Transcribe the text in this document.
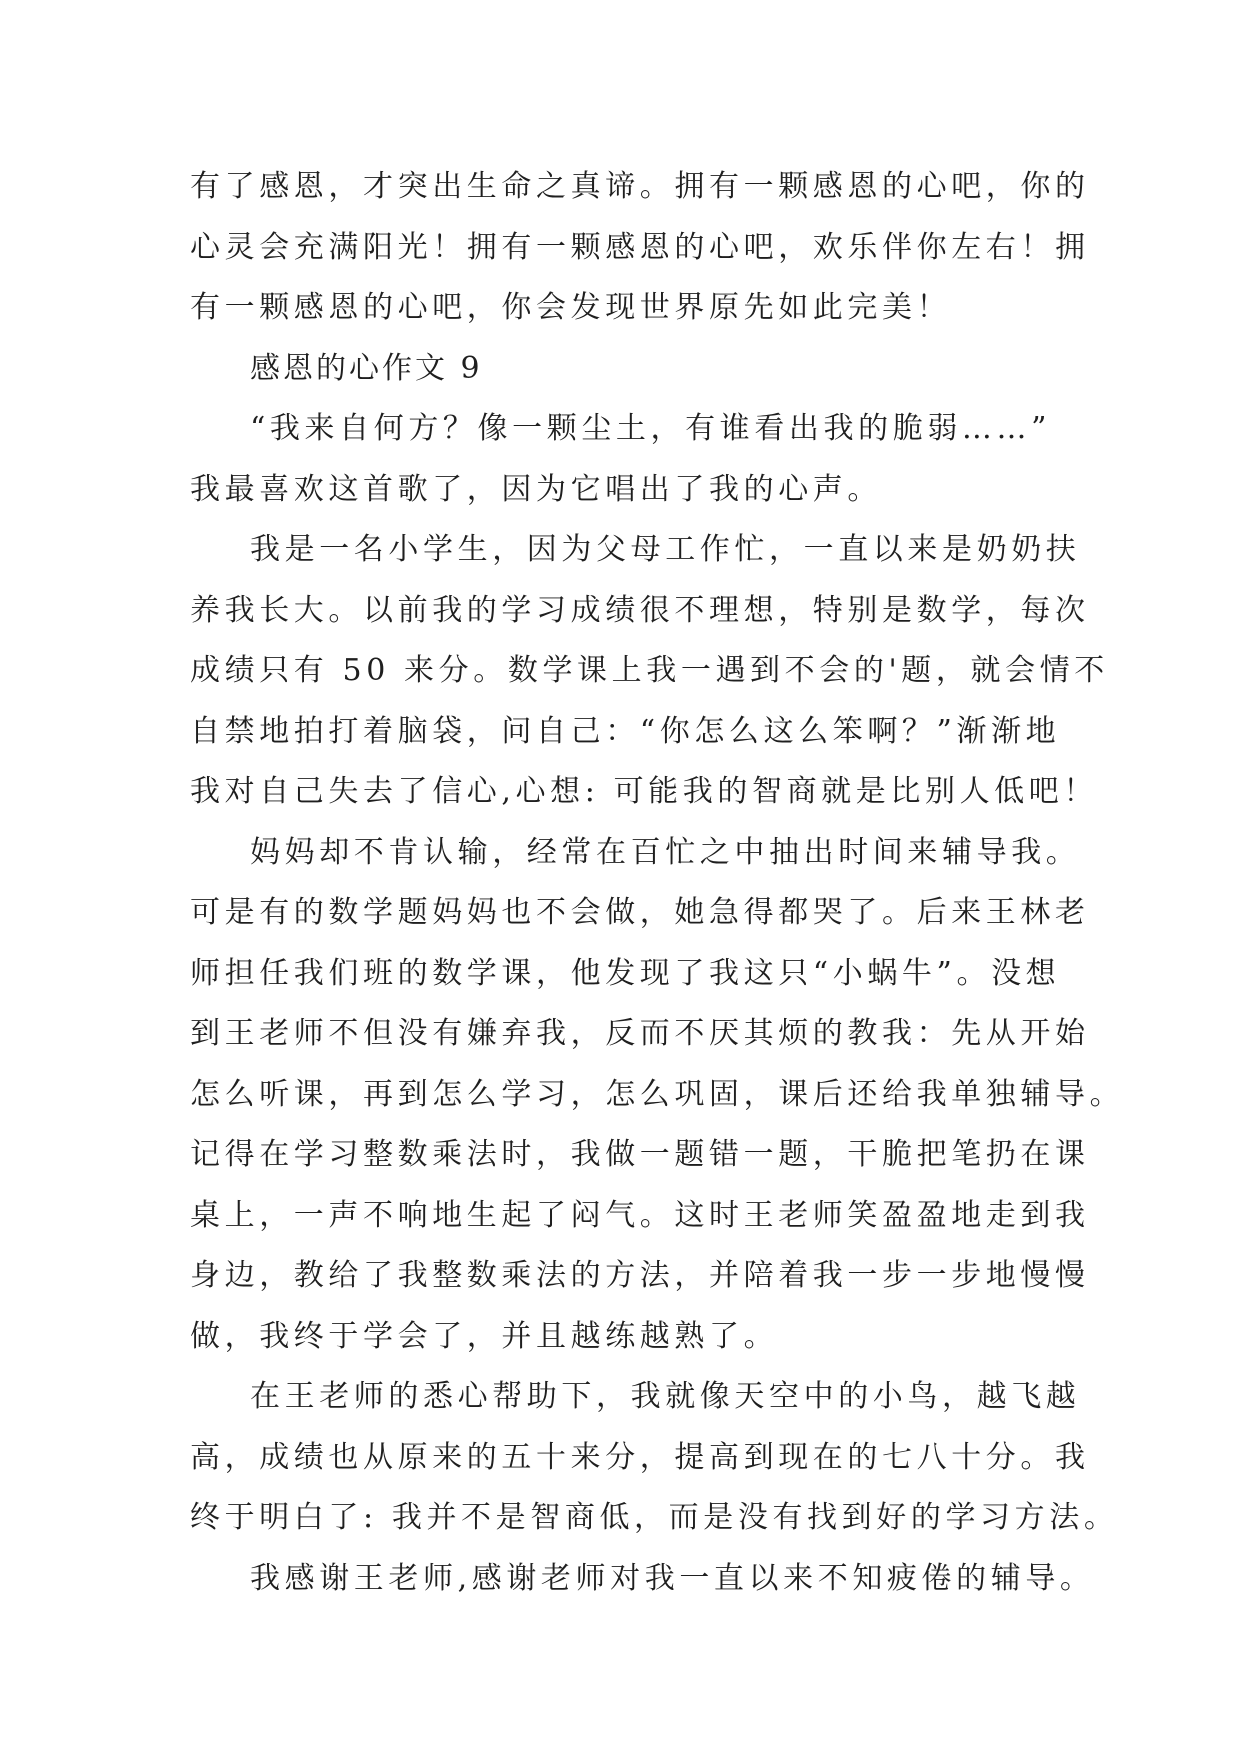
有了感恩，才突出生命之真谛。拥有一颗感恩的心吧，你的
心灵会充满阳光！拥有一颗感恩的心吧，欢乐伴你左右！拥
有一颗感恩的心吧，你会发现世界原先如此完美！
感恩的心作文 9
“我来自何方？像一颗尘土，有谁看出我的脆弱……”
我最喜欢这首歌了，因为它唱出了我的心声。
我是一名小学生，因为父母工作忙，一直以来是奶奶扶
养我长大。以前我的学习成绩很不理想，特别是数学，每次
成绩只有 50 来分。数学课上我一遇到不会的'题，就会情不
自禁地拍打着脑袋，问自己：“你怎么这么笨啊？”渐渐地
我对自己失去了信心,心想: 可能我的智商就是比别人低吧！
妈妈却不肯认输，经常在百忙之中抽出时间来辅导我。
可是有的数学题妈妈也不会做，她急得都哭了。后来王林老
师担任我们班的数学课，他发现了我这只“小蜗牛”。没想
到王老师不但没有嫌弃我，反而不厌其烦的教我：先从开始
怎么听课，再到怎么学习，怎么巩固，课后还给我单独辅导。
记得在学习整数乘法时，我做一题错一题，干脆把笔扔在课
桌上，一声不响地生起了闷气。这时王老师笑盈盈地走到我
身边，教给了我整数乘法的方法，并陪着我一步一步地慢慢
做，我终于学会了，并且越练越熟了。
在王老师的悉心帮助下，我就像天空中的小鸟，越飞越
高，成绩也从原来的五十来分，提高到现在的七八十分。我
终于明白了: 我并不是智商低，而是没有找到好的学习方法。
我感谢王老师,感谢老师对我一直以来不知疲倦的辅导。
